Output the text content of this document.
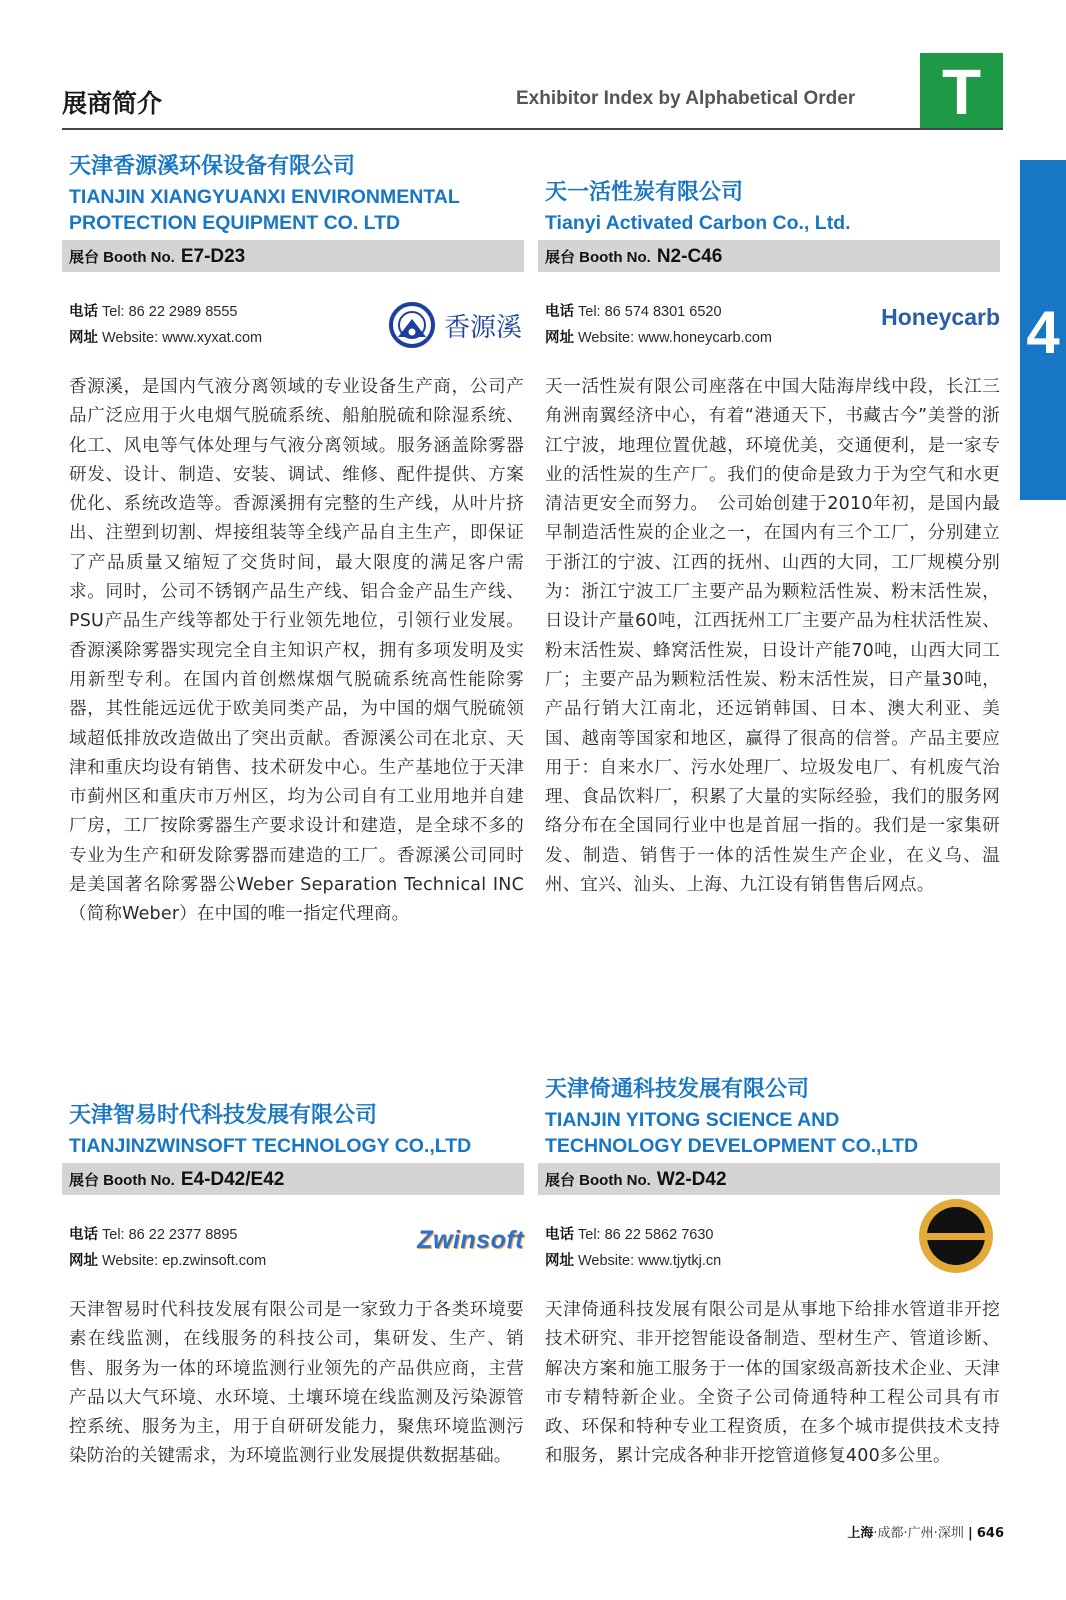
展商简介	Exhibitor Index by Alphabetical Order	T
4
天津香源溪环保设备有限公司
TIANJIN XIANGYUANXI ENVIRONMENTAL
PROTECTION EQUIPMENT CO. LTD
展台 Booth No. E7-D23
电话 Tel: 86 22 2989 8555
网址 Website: www.xyxat.com	香源溪
香源溪，是国内气液分离领域的专业设备生产商，公司产品广泛应用于火电烟气脱硫系统、船舶脱硫和除湿系统、化工、风电等气体处理与气液分离领域。服务涵盖除雾器研发、设计、制造、安装、调试、维修、配件提供、方案优化、系统改造等。香源溪拥有完整的生产线，从叶片挤出、注塑到切割、焊接组装等全线产品自主生产，即保证了产品质量又缩短了交货时间，最大限度的满足客户需求。同时，公司不锈钢产品生产线、铝合金产品生产线、PSU产品生产线等都处于行业领先地位，引领行业发展。香源溪除雾器实现完全自主知识产权，拥有多项发明及实用新型专利。在国内首创燃煤烟气脱硫系统高性能除雾器，其性能远远优于欧美同类产品，为中国的烟气脱硫领域超低排放改造做出了突出贡献。香源溪公司在北京、天津和重庆均设有销售、技术研发中心。生产基地位于天津市蓟州区和重庆市万州区，均为公司自有工业用地并自建厂房，工厂按除雾器生产要求设计和建造，是全球不多的专业为生产和研发除雾器而建造的工厂。香源溪公司同时是美国著名除雾器公Weber Separation Technical INC（简称Weber）在中国的唯一指定代理商。
天一活性炭有限公司
Tianyi Activated Carbon Co., Ltd.
展台 Booth No. N2-C46
电话 Tel: 86 574 8301 6520
网址 Website: www.honeycarb.com
Honeycarb
天一活性炭有限公司座落在中国大陆海岸线中段，长江三角洲南翼经济中心，有着“港通天下，书藏古今”美誉的浙江宁波，地理位置优越，环境优美，交通便利，是一家专业的活性炭的生产厂。我们的使命是致力于为空气和水更清洁更安全而努力。　公司始创建于2010年初，是国内最早制造活性炭的企业之一，在国内有三个工厂，分别建立于浙江的宁波、江西的抚州、山西的大同，工厂规模分别为：浙江宁波工厂主要产品为颗粒活性炭、粉末活性炭，日设计产量60吨，江西抚州工厂主要产品为柱状活性炭、粉末活性炭、蜂窝活性炭，日设计产能70吨，山西大同工厂；主要产品为颗粒活性炭、粉末活性炭，日产量30吨，产品行销大江南北，还远销韩国、日本、澳大利亚、美国、越南等国家和地区，赢得了很高的信誉。产品主要应用于：自来水厂、污水处理厂、垃圾发电厂、有机废气治理、食品饮料厂，积累了大量的实际经验，我们的服务网络分布在全国同行业中也是首屈一指的。我们是一家集研发、制造、销售于一体的活性炭生产企业，在义乌、温州、宜兴、汕头、上海、九江设有销售售后网点。
天津智易时代科技发展有限公司
TIANJINZWINSOFT TECHNOLOGY CO.,LTD
展台 Booth No. E4-D42/E42
电话 Tel: 86 22 2377 8895
网址 Website: ep.zwinsoft.com
Zwinsoft
天津智易时代科技发展有限公司是一家致力于各类环境要素在线监测，在线服务的科技公司，集研发、生产、销售、服务为一体的环境监测行业领先的产品供应商，主营产品以大气环境、水环境、土壤环境在线监测及污染源管控系统、服务为主，用于自研研发能力，聚焦环境监测污染防治的关键需求，为环境监测行业发展提供数据基础。
天津倚通科技发展有限公司
TIANJIN YITONG SCIENCE AND
TECHNOLOGY DEVELOPMENT CO.,LTD
展台 Booth No. W2-D42
电话 Tel: 86 22 5862 7630
网址 Website: www.tjytkj.cn
天津倚通科技发展有限公司是从事地下给排水管道非开挖技术研究、非开挖智能设备制造、型材生产、管道诊断、解决方案和施工服务于一体的国家级高新技术企业、天津市专精特新企业。全资子公司倚通特种工程公司具有市政、环保和特种专业工程资质，在多个城市提供技术支持和服务，累计完成各种非开挖管道修复400多公里。
上海·成都·广州·深圳 | 646
